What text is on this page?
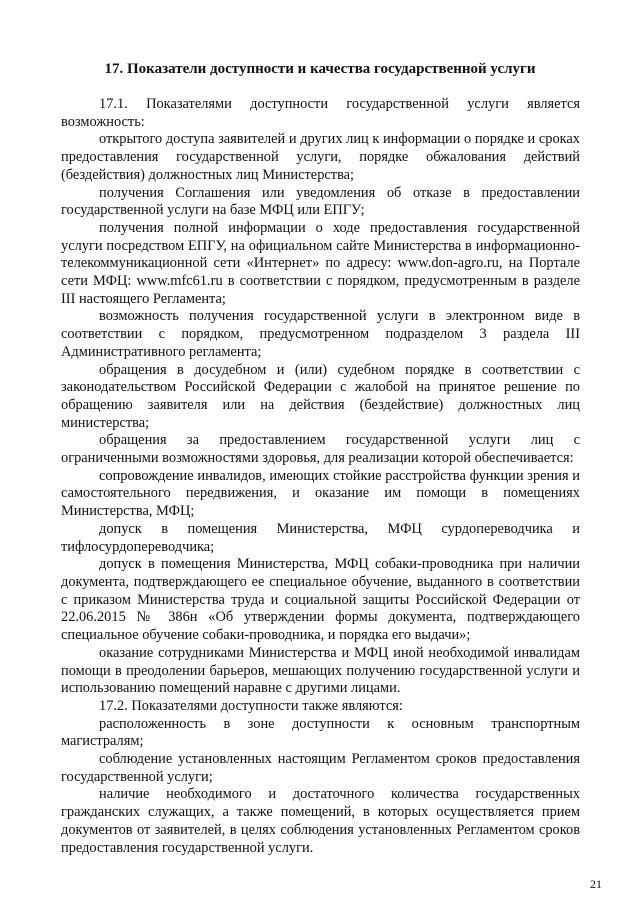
17. Показатели доступности и качества государственной услуги

17.1. Показателями доступности государственной услуги является возможность:

открытого доступа заявителей и других лиц к информации о порядке и сроках предоставления государственной услуги, порядке обжалования действий (бездействия) должностных лиц Министерства;

получения Соглашения или уведомления об отказе в предоставлении государственной услуги на базе МФЦ или ЕПГУ;

получения полной информации о ходе предоставления государственной услуги посредством ЕПГУ, на официальном сайте Министерства в информационно-телекоммуникационной сети «Интернет» по адресу: www.don-agro.ru, на Портале сети МФЦ: www.mfc61.ru в соответствии с порядком, предусмотренным в разделе III настоящего Регламента;

возможность получения государственной услуги в электронном виде в соответствии с порядком, предусмотренном подразделом 3 раздела III Административного регламента;

обращения в досудебном и (или) судебном порядке в соответствии с законодательством Российской Федерации с жалобой на принятое решение по обращению заявителя или на действия (бездействие) должностных лиц министерства;

обращения за предоставлением государственной услуги лиц с ограниченными возможностями здоровья, для реализации которой обеспечивается:

сопровождение инвалидов, имеющих стойкие расстройства функции зрения и самостоятельного передвижения, и оказание им помощи в помещениях Министерства, МФЦ;

допуск в помещения Министерства, МФЦ сурдопереводчика и тифлосурдопереводчика;

допуск в помещения Министерства, МФЦ собаки-проводника при наличии документа, подтверждающего ее специальное обучение, выданного в соответствии с приказом Министерства труда и социальной защиты Российской Федерации от 22.06.2015 № 386н «Об утверждении формы документа, подтверждающего специальное обучение собаки-проводника, и порядка его выдачи»;

оказание сотрудниками Министерства и МФЦ иной необходимой инвалидам помощи в преодолении барьеров, мешающих получению государственной услуги и использованию помещений наравне с другими лицами.

17.2. Показателями доступности также являются:

расположенность в зоне доступности к основным транспортным магистралям;

соблюдение установленных настоящим Регламентом сроков предоставления государственной услуги;

наличие необходимого и достаточного количества государственных гражданских служащих, а также помещений, в которых осуществляется прием документов от заявителей, в целях соблюдения установленных Регламентом сроков предоставления государственной услуги.

21
